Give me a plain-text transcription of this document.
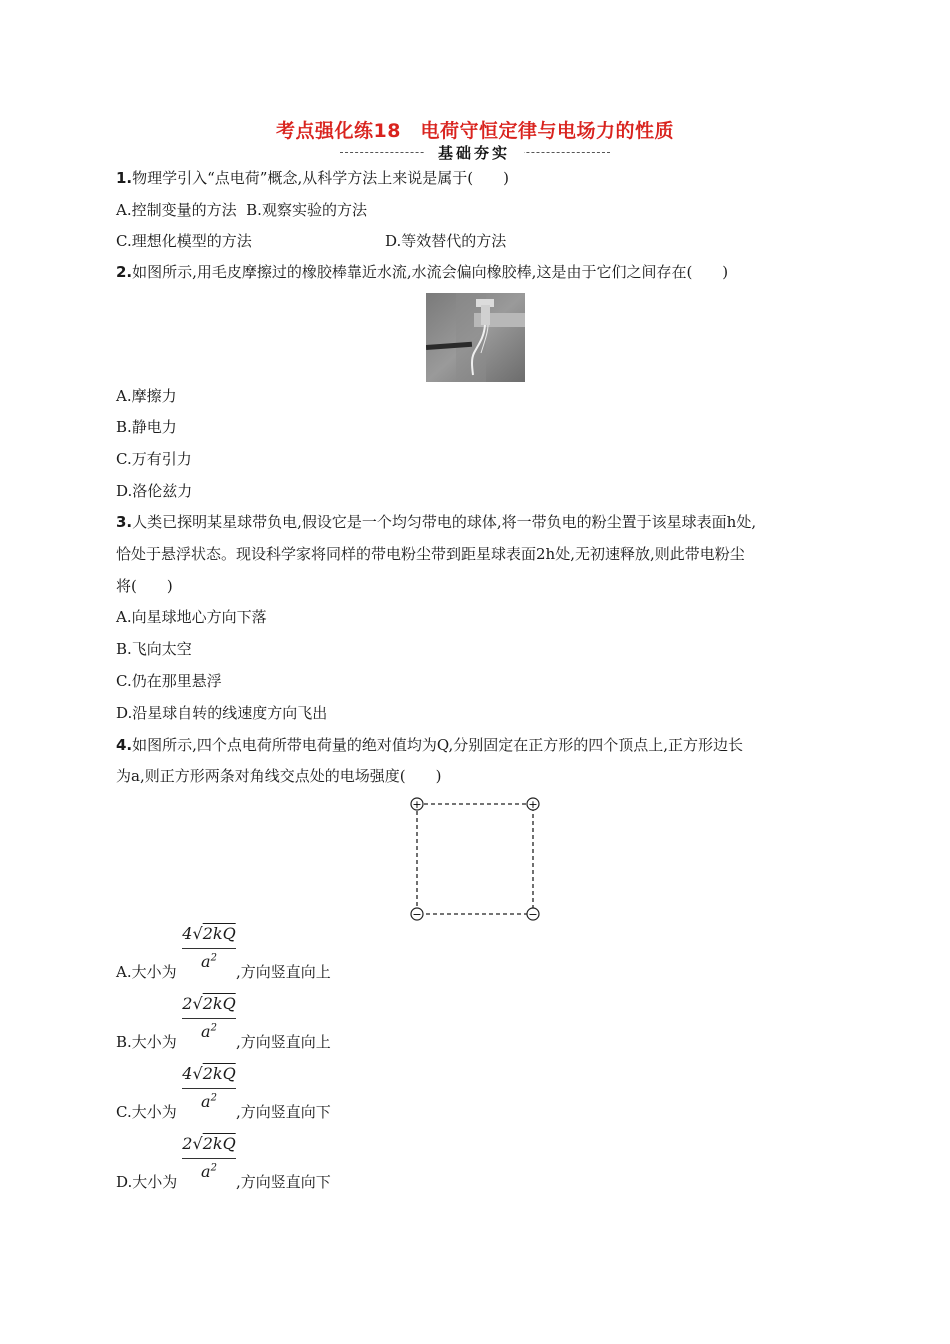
考点强化练18　电荷守恒定律与电场力的性质
基础夯实
1.物理学引入“点电荷”概念,从科学方法上来说是属于(　　)
A.控制变量的方法 B.观察实验的方法
C.理想化模型的方法	D.等效替代的方法
2.如图所示,用毛皮摩擦过的橡胶棒靠近水流,水流会偏向橡胶棒,这是由于它们之间存在(　　)
A.摩擦力
B.静电力
C.万有引力
D.洛伦兹力
3.人类已探明某星球带负电,假设它是一个均匀带电的球体,将一带负电的粉尘置于该星球表面h处,
恰处于悬浮状态。现设科学家将同样的带电粉尘带到距星球表面2h处,无初速释放,则此带电粉尘
将(　　)
A.向星球地心方向下落
B.飞向太空
C.仍在那里悬浮
D.沿星球自转的线速度方向飞出
4.如图所示,四个点电荷所带电荷量的绝对值均为Q,分别固定在正方形的四个顶点上,正方形边长
为a,则正方形两条对角线交点处的电场强度(　　)
+	+
−	−
4√2kQ
$a^2$
A.大小为	,方向竖直向上
2√2kQ
$a^2$
B.大小为	,方向竖直向上
4√2kQ
$a^2$
C.大小为	,方向竖直向下
2√2kQ
$a^2$
D.大小为	,方向竖直向下
